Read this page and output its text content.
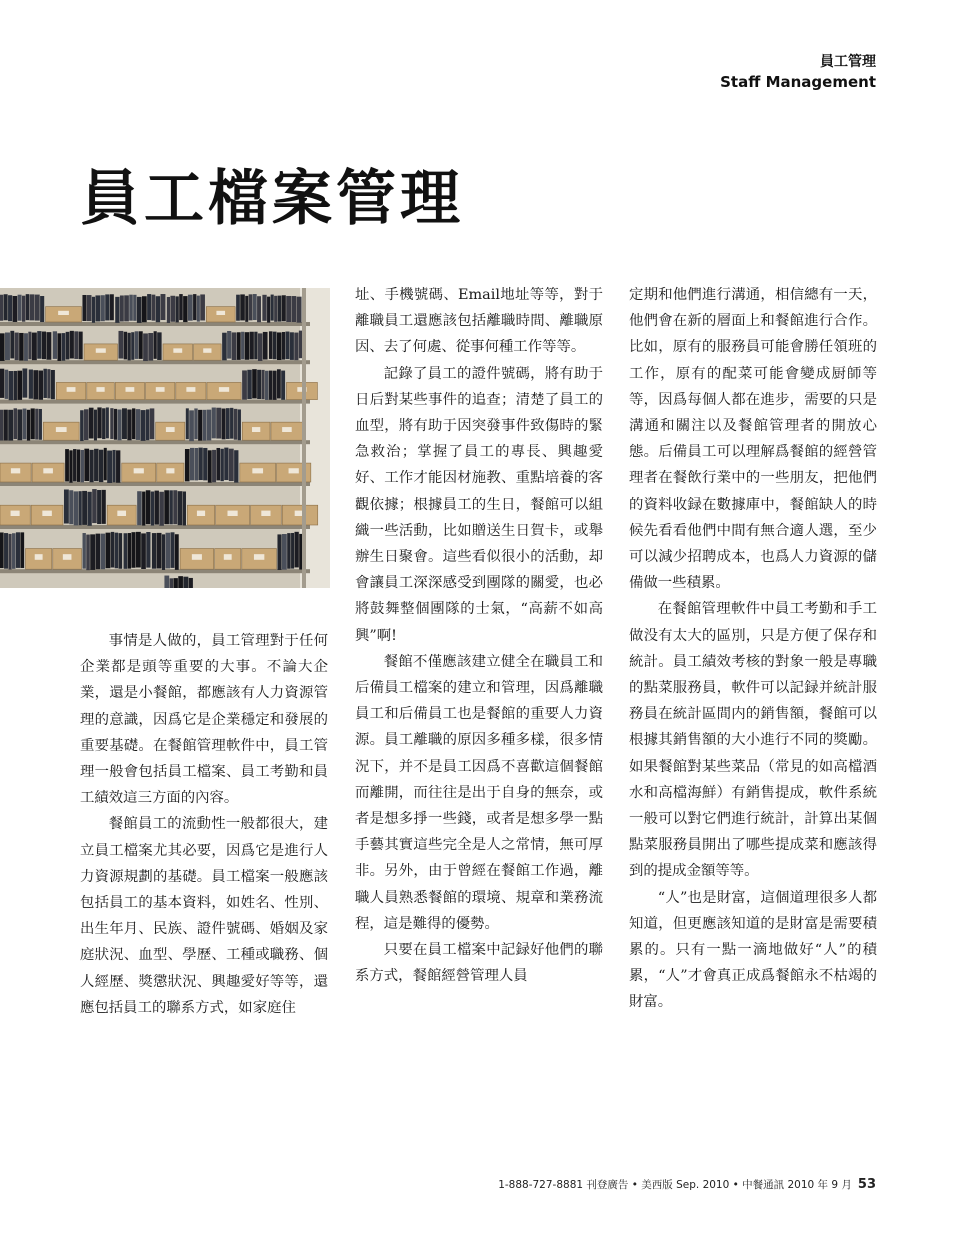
員工管理
Staff Management
員工檔案管理

事情是人做的，員工管理對于任何企業都是頭等重要的大事。不論大企業，還是小餐館，都應該有人力資源管理的意識，因爲它是企業穩定和發展的重要基礎。在餐館管理軟件中，員工管理一般會包括員工檔案、員工考勤和員工績效這三方面的內容。

餐館員工的流動性一般都很大，建立員工檔案尤其必要，因爲它是進行人力資源規劃的基礎。員工檔案一般應該包括員工的基本資料，如姓名、性別、出生年月、民族、證件號碼、婚姻及家庭狀況、血型、學歷、工種或職務、個人經歷、獎懲狀況、興趣愛好等等，還應包括員工的聯系方式，如家庭住

址、手機號碼、Email地址等等，對于離職員工還應該包括離職時間、離職原因、去了何處、從事何種工作等等。

記錄了員工的證件號碼，將有助于日后對某些事件的追查；清楚了員工的血型，將有助于因突發事件致傷時的緊急救治；掌握了員工的專長、興趣愛好、工作才能因材施教、重點培養的客觀依據；根據員工的生日，餐館可以組織一些活動，比如贈送生日賀卡，或舉辦生日聚會。這些看似很小的活動，却會讓員工深深感受到團隊的關愛，也必將鼓舞整個團隊的士氣，“高薪不如高興”啊!

餐館不僅應該建立健全在職員工和后備員工檔案的建立和管理，因爲離職員工和后備員工也是餐館的重要人力資源。員工離職的原因多種多樣，很多情況下，并不是員工因爲不喜歡這個餐館而離開，而往往是出于自身的無奈，或者是想多掙一些錢，或者是想多學一點手藝其實這些完全是人之常情，無可厚非。另外，由于曾經在餐館工作過，離職人員熟悉餐館的環境、規章和業務流程，這是難得的優勢。

只要在員工檔案中記録好他們的聯系方式，餐館經營管理人員

定期和他們進行溝通，相信總有一天，他們會在新的層面上和餐館進行合作。比如，原有的服務員可能會勝任領班的工作，原有的配菜可能會變成厨師等等，因爲每個人都在進步，需要的只是溝通和關注以及餐館管理者的開放心態。后備員工可以理解爲餐館的經營管理者在餐飲行業中的一些朋友，把他們的資料收録在數據庫中，餐館缺人的時候先看看他們中間有無合適人選，至少可以減少招聘成本，也爲人力資源的儲備做一些積累。

在餐館管理軟件中員工考勤和手工做没有太大的區別，只是方便了保存和統計。員工績效考核的對象一般是專職的點菜服務員，軟件可以記録并統計服務員在統計區間内的銷售額，餐館可以根據其銷售額的大小進行不同的獎勵。如果餐館對某些菜品（常見的如高檔酒水和高檔海鮮）有銷售提成，軟件系統一般可以對它們進行統計，計算出某個點菜服務員開出了哪些提成菜和應該得到的提成金額等等。

“人”也是財富，這個道理很多人都知道，但更應該知道的是財富是需要積累的。只有一點一滴地做好“人”的積累，“人”才會真正成爲餐館永不枯竭的財富。

1-888-727-8881 刊登廣告 • 美西版 Sep. 2010 • 中餐通訊 2010 年 9 月 53
